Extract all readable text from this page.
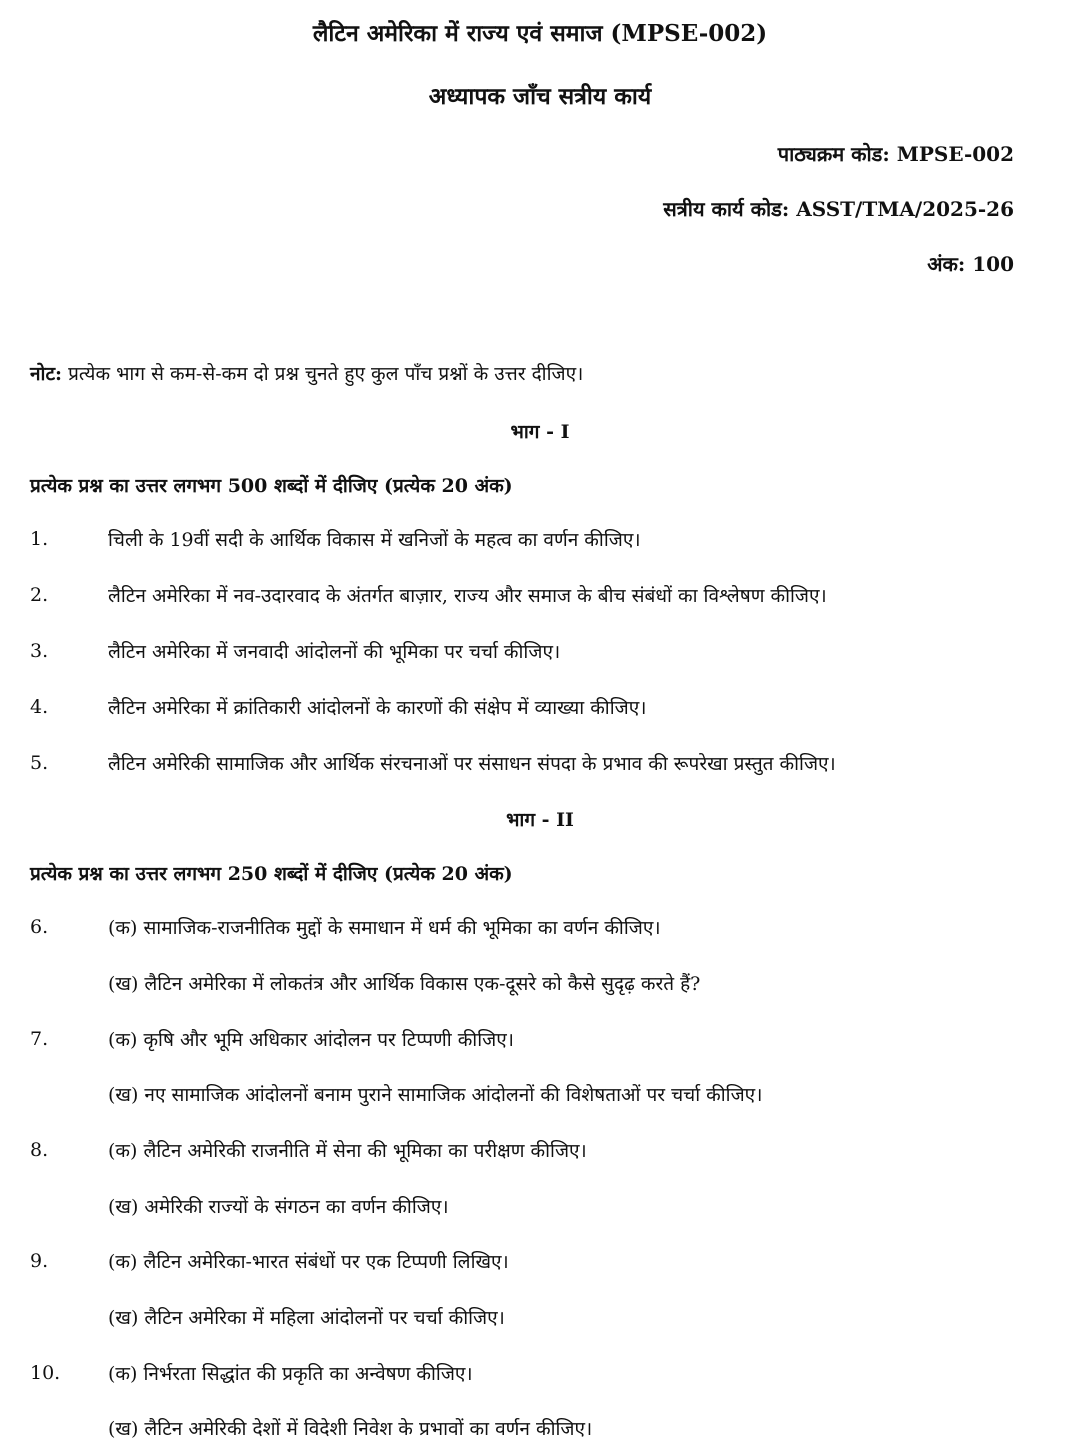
लैटिन अमेरिका में राज्य एवं समाज (MPSE-002)
अध्यापक जाँच सत्रीय कार्य
पाठ्यक्रम कोड: MPSE-002
सत्रीय कार्य कोड: ASST/TMA/2025-26
अंक: 100
नोट: प्रत्येक भाग से कम-से-कम दो प्रश्न चुनते हुए कुल पाँच प्रश्नों के उत्तर दीजिए।
भाग - I
प्रत्येक प्रश्न का उत्तर लगभग 500 शब्दों में दीजिए (प्रत्येक 20 अंक)
1.	चिली के 19वीं सदी के आर्थिक विकास में खनिजों के महत्व का वर्णन कीजिए।
2.	लैटिन अमेरिका में नव-उदारवाद के अंतर्गत बाज़ार, राज्य और समाज के बीच संबंधों का विश्लेषण कीजिए।
3.	लैटिन अमेरिका में जनवादी आंदोलनों की भूमिका पर चर्चा कीजिए।
4.	लैटिन अमेरिका में क्रांतिकारी आंदोलनों के कारणों की संक्षेप में व्याख्या कीजिए।
5.	लैटिन अमेरिकी सामाजिक और आर्थिक संरचनाओं पर संसाधन संपदा के प्रभाव की रूपरेखा प्रस्तुत कीजिए।
भाग - II
प्रत्येक प्रश्न का उत्तर लगभग 250 शब्दों में दीजिए (प्रत्येक 20 अंक)
6.	(क) सामाजिक-राजनीतिक मुद्दों के समाधान में धर्म की भूमिका का वर्णन कीजिए।
(ख) लैटिन अमेरिका में लोकतंत्र और आर्थिक विकास एक-दूसरे को कैसे सुदृढ़ करते हैं?
7.	(क) कृषि और भूमि अधिकार आंदोलन पर टिप्पणी कीजिए।
(ख) नए सामाजिक आंदोलनों बनाम पुराने सामाजिक आंदोलनों की विशेषताओं पर चर्चा कीजिए।
8.	(क) लैटिन अमेरिकी राजनीति में सेना की भूमिका का परीक्षण कीजिए।
(ख) अमेरिकी राज्यों के संगठन का वर्णन कीजिए।
9.	(क) लैटिन अमेरिका-भारत संबंधों पर एक टिप्पणी लिखिए।
(ख) लैटिन अमेरिका में महिला आंदोलनों पर चर्चा कीजिए।
10.	(क) निर्भरता सिद्धांत की प्रकृति का अन्वेषण कीजिए।
(ख) लैटिन अमेरिकी देशों में विदेशी निवेश के प्रभावों का वर्णन कीजिए।
